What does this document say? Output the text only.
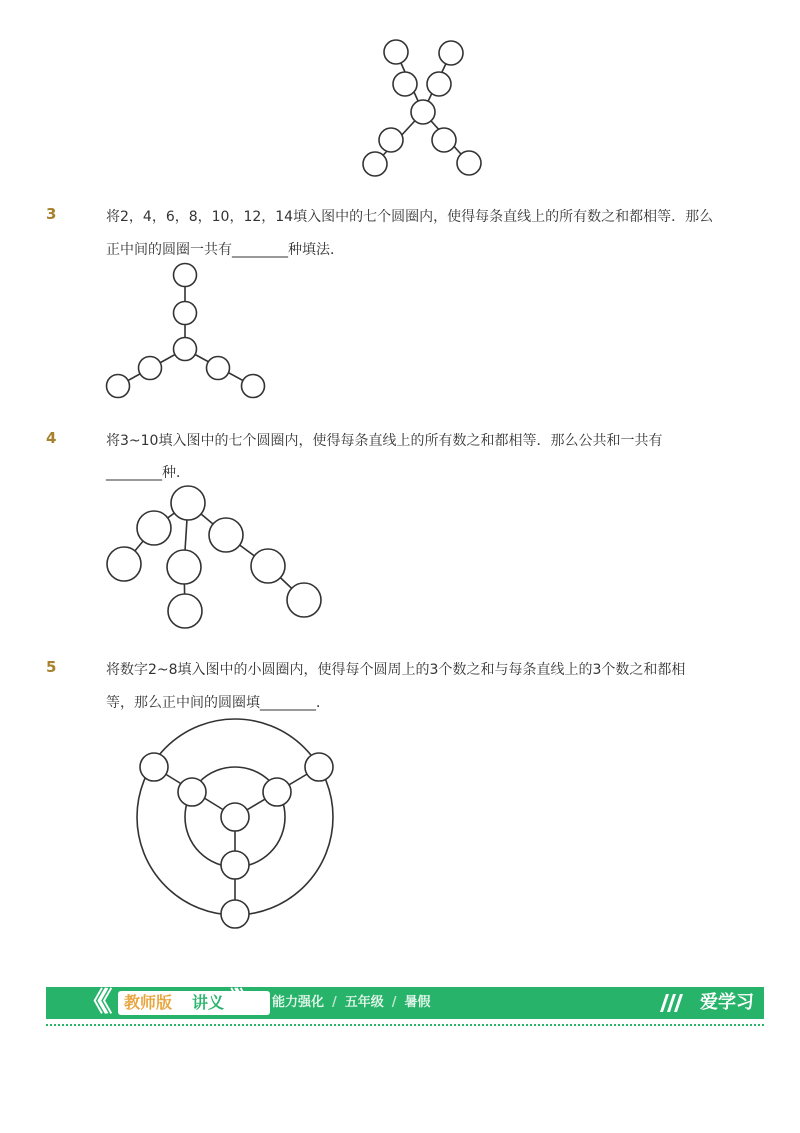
3	将2，4，6，8，10，12，14填入图中的七个圆圈内，使得每条直线上的所有数之和都相等．那么
正中间的圆圈一共有________种填法．
4	将3~10填入图中的七个圆圈内，使得每条直线上的所有数之和都相等．那么公共和一共有
________种．
5	将数字2~8填入图中的小圆圈内，使得每个圆周上的3个数之和与每条直线上的3个数之和都相
等，那么正中间的圆圈填________．
《《 教师版 讲义 》》 能力强化 / 五年级 / 暑假	爱学习
